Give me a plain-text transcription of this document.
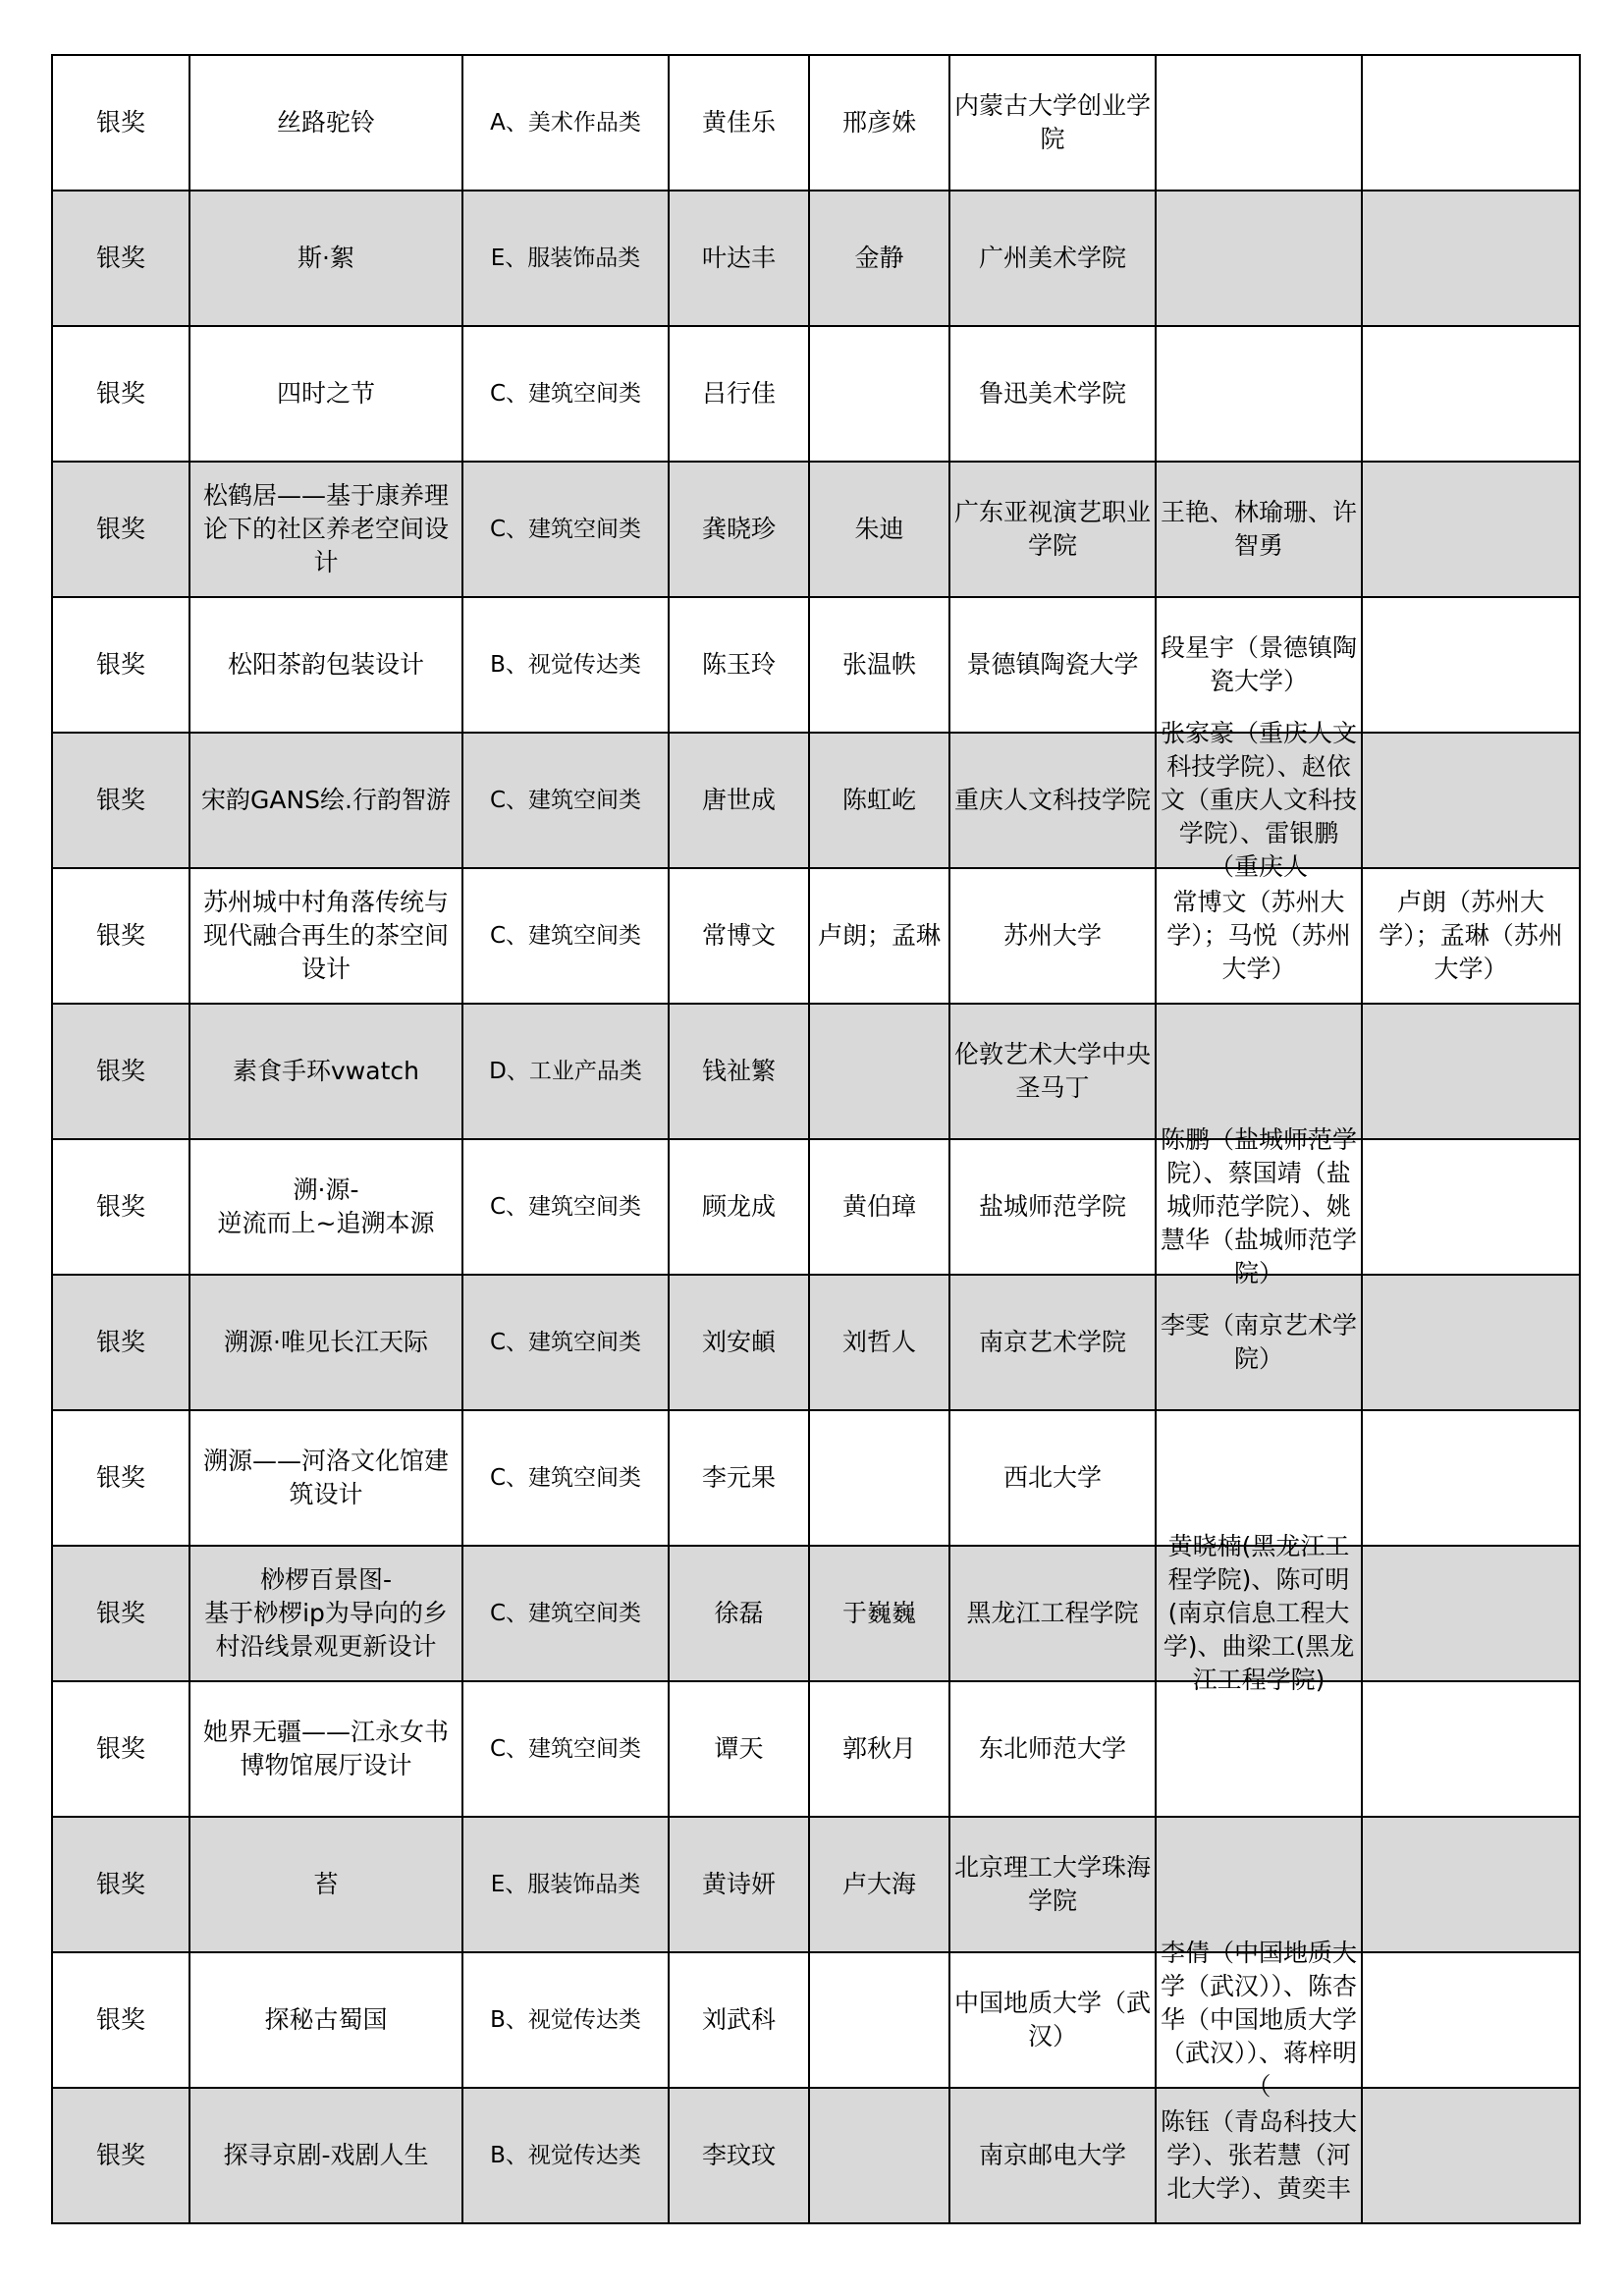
银奖	丝路驼铃	A、美术作品类	黄佳乐	邢彦姝	内蒙古大学创业学院		

银奖	斯·絮	E、服装饰品类	叶达丰	金静	广州美术学院		

银奖	四时之节	C、建筑空间类	吕行佳		鲁迅美术学院		

银奖	松鹤居——基于康养理论下的社区养老空间设计	C、建筑空间类	龚晓珍	朱迪	广东亚视演艺职业学院	王艳、林瑜珊、许智勇	

银奖	松阳茶韵包装设计	B、视觉传达类	陈玉玲	张温帙	景德镇陶瓷大学	段星宇（景德镇陶瓷大学）	

银奖	宋韵GANS绘.行韵智游	C、建筑空间类	唐世成	陈虹屹	重庆人文科技学院	张家豪（重庆人文科技学院）、赵依文（重庆人文科技学院）、雷银鹏（重庆人	

银奖	苏州城中村角落传统与现代融合再生的茶空间设计	C、建筑空间类	常博文	卢朗；孟琳	苏州大学	常博文（苏州大学）；马悦（苏州大学）	卢朗（苏州大学）；孟琳（苏州大学）

银奖	素食手环vwatch	D、工业产品类	钱祉繁		伦敦艺术大学中央圣马丁		

银奖	溯·源-
逆流而上~追溯本源	C、建筑空间类	顾龙成	黄伯璋	盐城师范学院	陈鹏（盐城师范学院）、蔡国靖（盐城师范学院）、姚慧华（盐城师范学院）	

银奖	溯源·唯见长江天际	C、建筑空间类	刘安頔	刘哲人	南京艺术学院	李雯（南京艺术学院）	

银奖	溯源——河洛文化馆建筑设计	C、建筑空间类	李元果		西北大学		

银奖	桫椤百景图-
基于桫椤ip为导向的乡村沿线景观更新设计	C、建筑空间类	徐磊	于巍巍	黑龙江工程学院	黄晓楠(黑龙江工程学院)、陈可明(南京信息工程大学)、曲梁工(黑龙江工程学院)	

银奖	她界无疆——江永女书博物馆展厅设计	C、建筑空间类	谭天	郭秋月	东北师范大学		

银奖	苔	E、服装饰品类	黄诗妍	卢大海	北京理工大学珠海学院		

银奖	探秘古蜀国	B、视觉传达类	刘武科		中国地质大学（武汉）	李倩（中国地质大学（武汉））、陈杏华（中国地质大学（武汉））、蒋梓明（	

银奖	探寻京剧-戏剧人生	B、视觉传达类	李玟玟		南京邮电大学	陈钰（青岛科技大学）、张若慧（河北大学）、黄奕丰	
